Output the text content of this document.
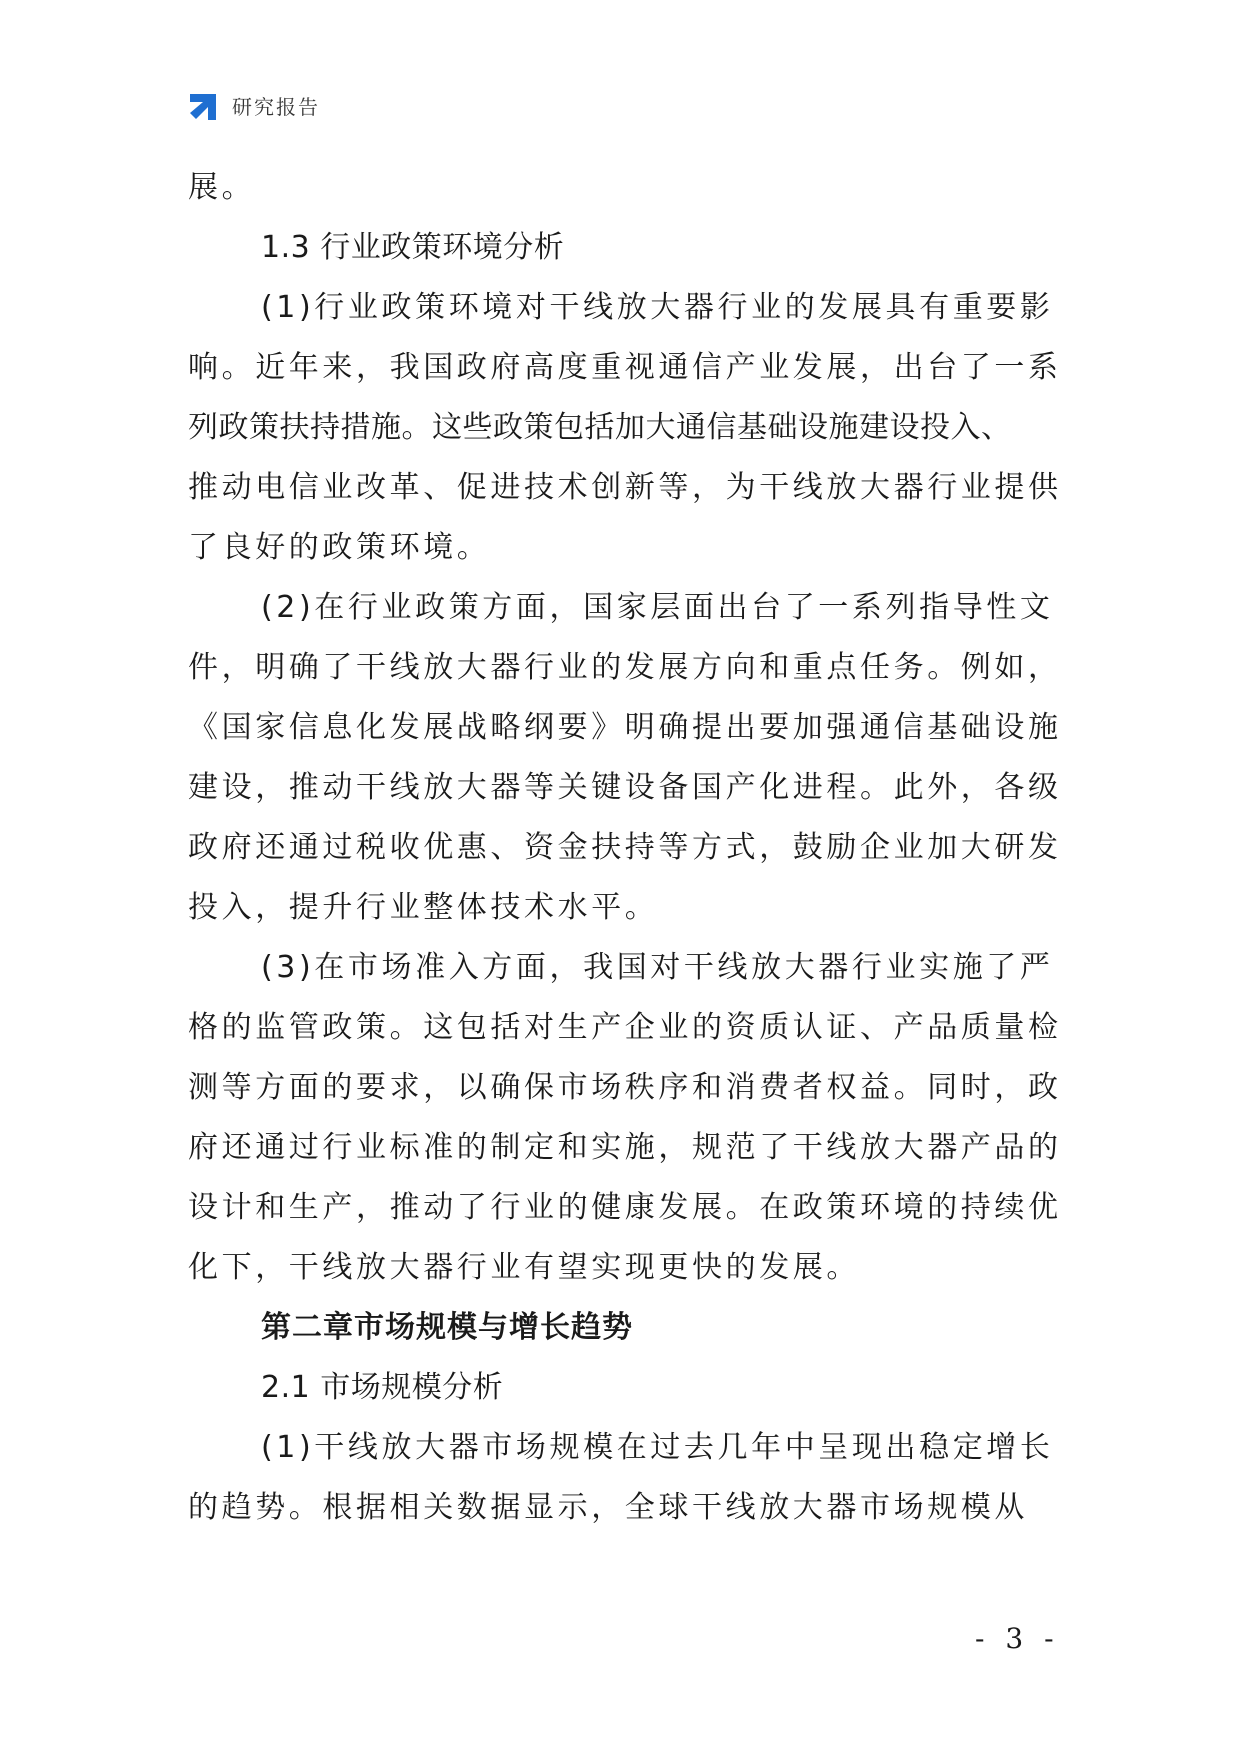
研究报告
展。
1.3 行业政策环境分析
(1)行业政策环境对干线放大器行业的发展具有重要影
响。近年来，我国政府高度重视通信产业发展，出台了一系
列政策扶持措施。这些政策包括加大通信基础设施建设投入、
推动电信业改革、促进技术创新等，为干线放大器行业提供
了良好的政策环境。
(2)在行业政策方面，国家层面出台了一系列指导性文
件，明确了干线放大器行业的发展方向和重点任务。例如，
《国家信息化发展战略纲要》明确提出要加强通信基础设施
建设，推动干线放大器等关键设备国产化进程。此外，各级
政府还通过税收优惠、资金扶持等方式，鼓励企业加大研发
投入，提升行业整体技术水平。
(3)在市场准入方面，我国对干线放大器行业实施了严
格的监管政策。这包括对生产企业的资质认证、产品质量检
测等方面的要求，以确保市场秩序和消费者权益。同时，政
府还通过行业标准的制定和实施，规范了干线放大器产品的
设计和生产，推动了行业的健康发展。在政策环境的持续优
化下，干线放大器行业有望实现更快的发展。
第二章市场规模与增长趋势
2.1 市场规模分析
(1)干线放大器市场规模在过去几年中呈现出稳定增长
的趋势。根据相关数据显示，全球干线放大器市场规模从
- 3 -
